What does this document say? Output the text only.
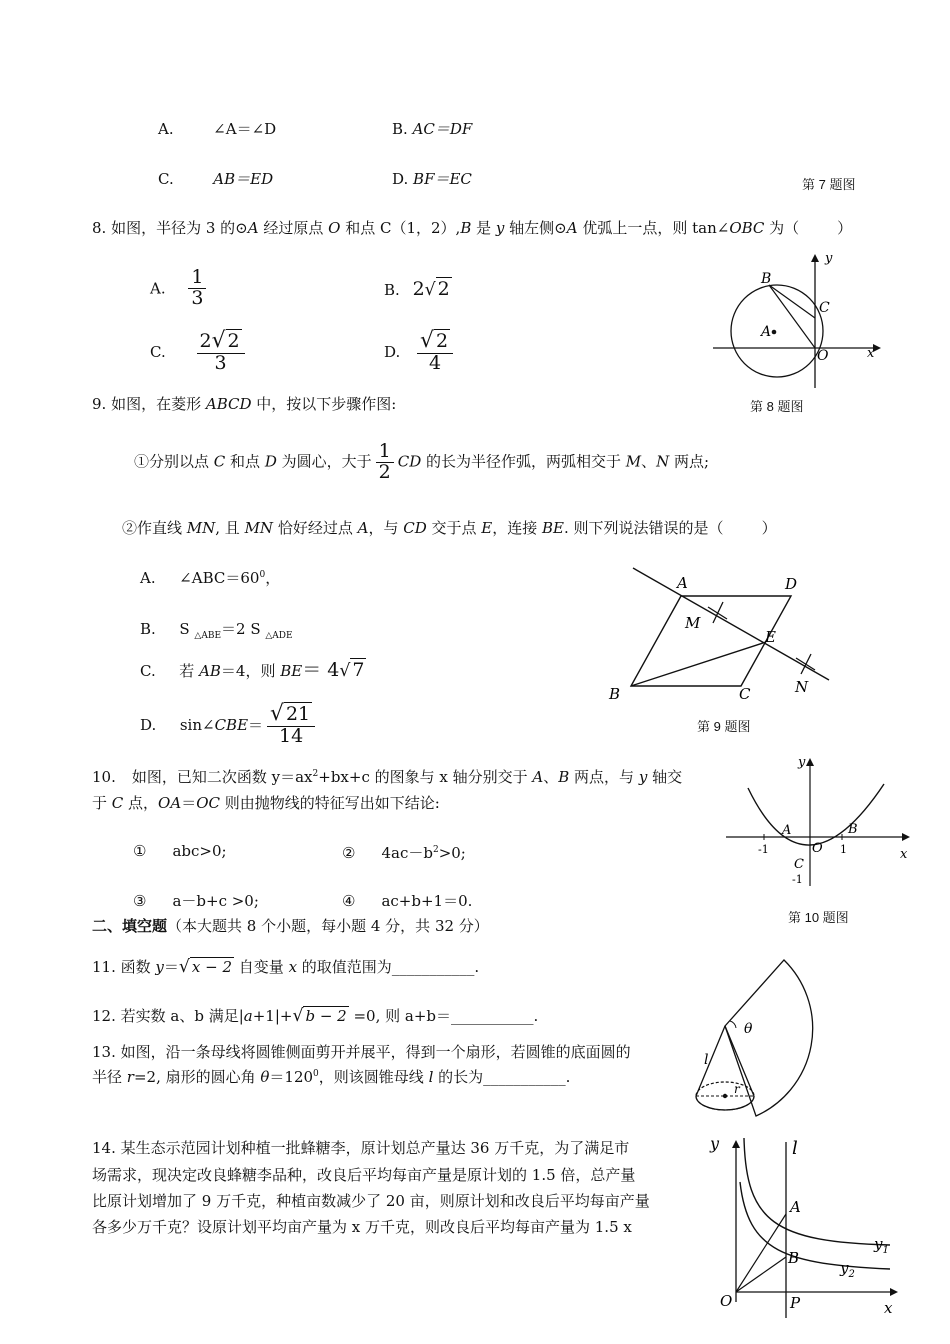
A.	∠A＝∠D	B. AC＝DF
C.	AB＝ED	D. BF＝EC	第 7 题图
8. 如图，半径为 3 的⊙A 经过原点 O 和点 C（1，2）,B 是 y 轴左侧⊙A 优弧上一点，则 tan∠OBC 为（	）
A. $\frac{1}{3}$	B. 2√ 2
C. $\frac{2√ 2}{3}$	D. $\frac{√ 2}{4}$
B
C
A
O	x
y
第 8 题图
9. 如图，在菱形 ABCD 中，按以下步骤作图:
①分别以点 C 和点 D 为圆心，大于 $\frac{1}{2}$ CD 的长为半径作弧，两弧相交于 M、N 两点;
②作直线 MN, 且 MN 恰好经过点 A，与 CD 交于点 E，连接 BE. 则下列说法错误的是（	）
A. $\angle ABC=60^0$，
B. S $_{\triangle ABE}$＝2 S $_{\triangle ADE}$
C. 若 AB＝4，则 BE＝ 4√ 7
D. sin∠CBE＝ $\frac{√ 21}{14}$
A	D
M
E
B	C	N
第 9 题图
10. 如图，已知二次函数 $y=ax^2+bx+c$ 的图象与 x 轴分别交于 A、B 两点，与 y 轴交
于 C 点，OA＝OC 则由抛物线的特征写出如下结论:
① abc>0;	② $4ac-b^2>0$;
③ a－b+c >0;	④ ac+b+1＝0.
y
x
A	B
O
C
-1	1
-1
第 10 题图
二、填空题（本大题共 8 个小题，每小题 4 分，共 32 分）
11. 函数 y＝√ x − 2 自变量 x 的取值范围为___________.
12. 若实数 a、b 满足|a+1|+√ b − 2 =0, 则 a+b＝___________.
13. 如图，沿一条母线将圆锥侧面剪开并展平，得到一个扇形，若圆锥的底面圆的
半径 r=2, 扇形的圆心角 $\theta=120^0$，则该圆锥母线 l 的长为___________.
θ
l
r
14. 某生态示范园计划种植一批蜂糖李，原计划总产量达 36 万千克，为了满足市
场需求，现决定改良蜂糖李品种，改良后平均每亩产量是原计划的 1.5 倍，总产量
比原计划增加了 9 万千克，种植亩数减少了 20 亩，则原计划和改良后平均每亩产量
各多少万千克？设原计划平均亩产量为 x 万千克，则改良后平均每亩产量为 1.5 x
y	l
A
$y_1$
B
$y_2$
O	P	x
